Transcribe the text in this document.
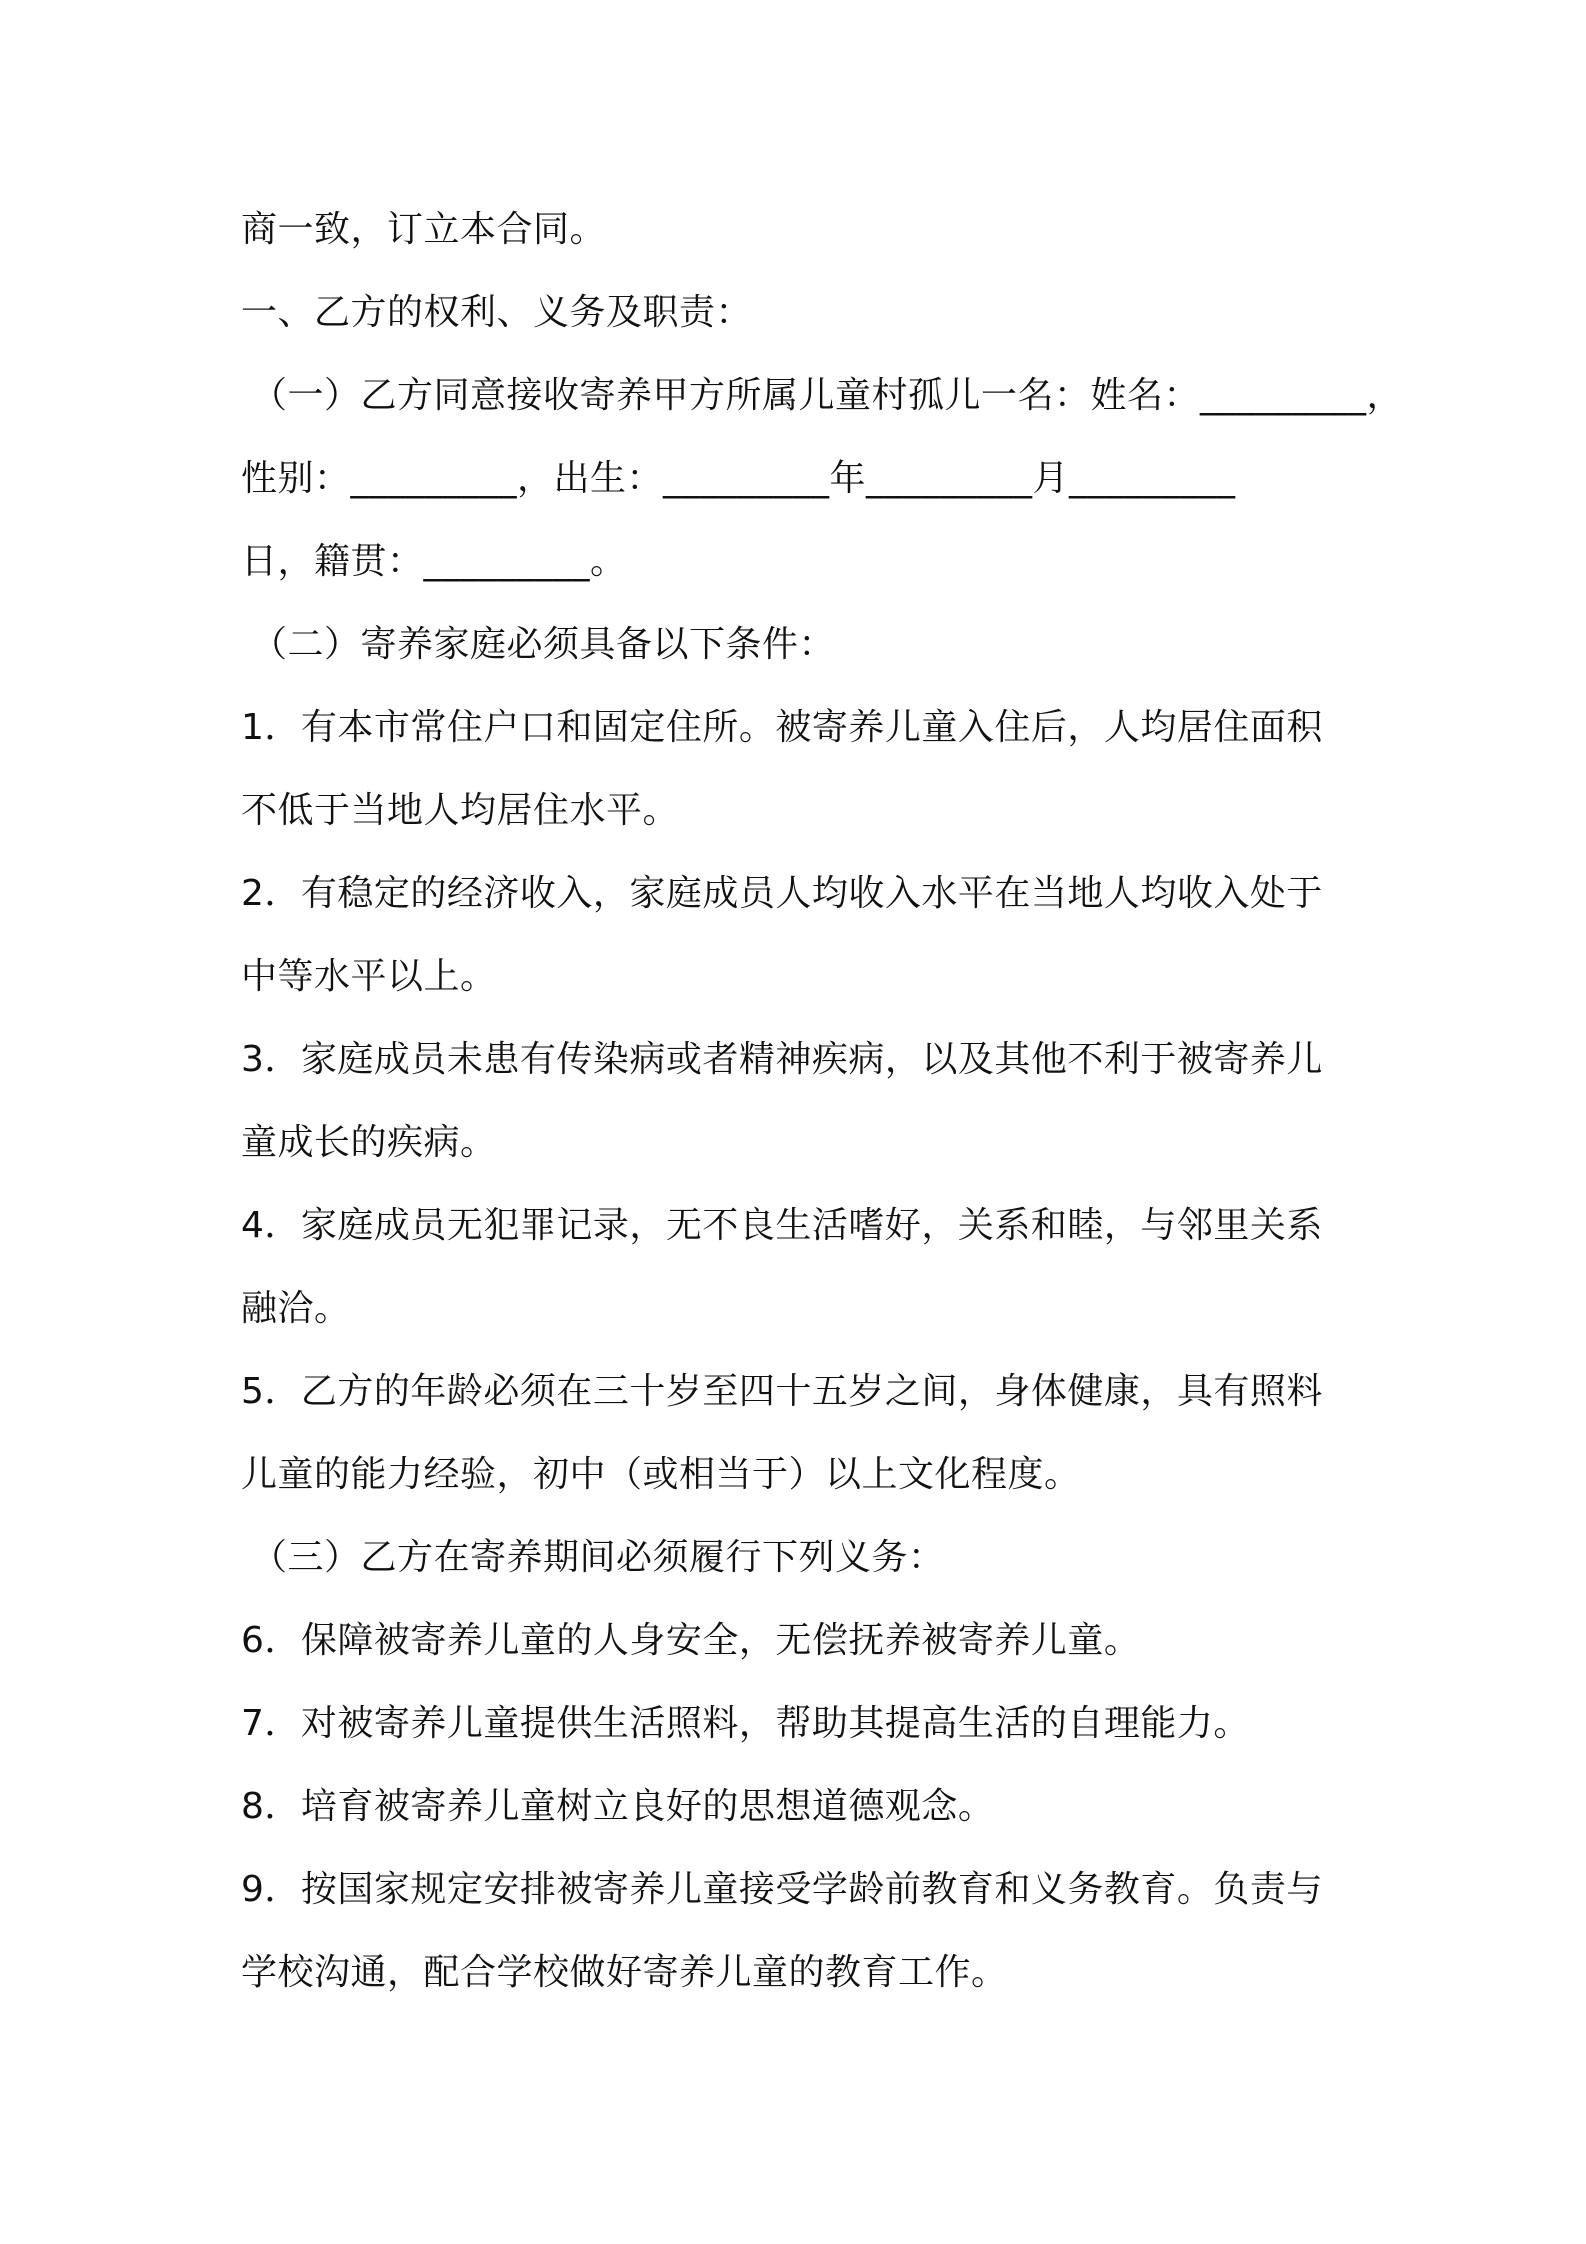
商一致，订立本合同。
一、乙方的权利、义务及职责：
（一）乙方同意接收寄养甲方所属儿童村孤儿一名：姓名：_________，
性别：_________，出生：_________年_________月_________
日，籍贯：_________。
（二）寄养家庭必须具备以下条件：
1．有本市常住户口和固定住所。被寄养儿童入住后，人均居住面积
不低于当地人均居住水平。
2．有稳定的经济收入，家庭成员人均收入水平在当地人均收入处于
中等水平以上。
3．家庭成员未患有传染病或者精神疾病，以及其他不利于被寄养儿
童成长的疾病。
4．家庭成员无犯罪记录，无不良生活嗜好，关系和睦，与邻里关系
融洽。
5．乙方的年龄必须在三十岁至四十五岁之间，身体健康，具有照料
儿童的能力经验，初中（或相当于）以上文化程度。
（三）乙方在寄养期间必须履行下列义务：
6．保障被寄养儿童的人身安全，无偿抚养被寄养儿童。
7．对被寄养儿童提供生活照料，帮助其提高生活的自理能力。
8．培育被寄养儿童树立良好的思想道德观念。
9．按国家规定安排被寄养儿童接受学龄前教育和义务教育。负责与
学校沟通，配合学校做好寄养儿童的教育工作。
